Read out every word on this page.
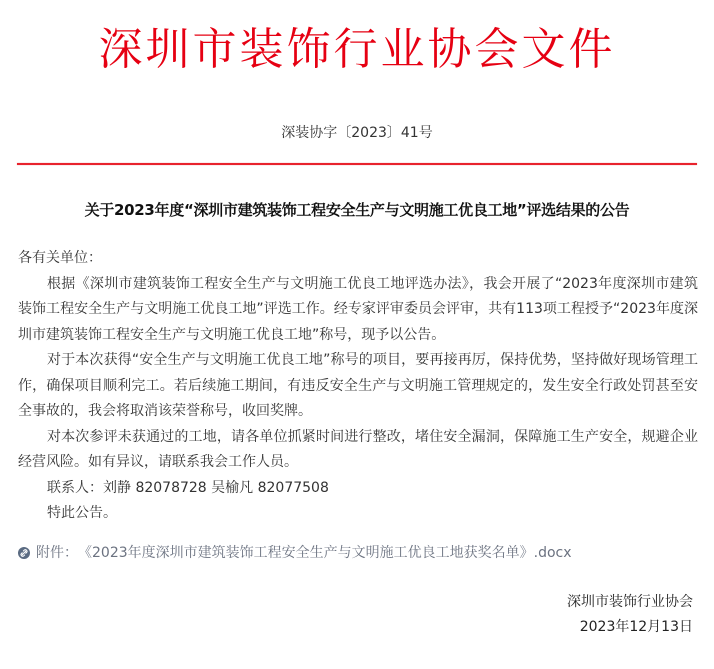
深圳市装饰行业协会文件
深装协字〔2023〕41号
关于2023年度“深圳市建筑装饰工程安全生产与文明施工优良工地”评选结果的公告

各有关单位：

根据《深圳市建筑装饰工程安全生产与文明施工优良工地评选办法》，我会开展了“2023年度深圳市建筑装饰工程安全生产与文明施工优良工地”评选工作。经专家评审委员会评审，共有113项工程授予“2023年度深圳市建筑装饰工程安全生产与文明施工优良工地”称号，现予以公告。

对于本次获得“安全生产与文明施工优良工地”称号的项目，要再接再厉，保持优势，坚持做好现场管理工作，确保项目顺利完工。若后续施工期间，有违反安全生产与文明施工管理规定的，发生安全行政处罚甚至安全事故的，我会将取消该荣誉称号，收回奖牌。

对本次参评未获通过的工地，请各单位抓紧时间进行整改，堵住安全漏洞，保障施工生产安全，规避企业经营风险。如有异议，请联系我会工作人员。

联系人：刘静 82078728 吴榆凡 82077508

特此公告。

附件： 《2023年度深圳市建筑装饰工程安全生产与文明施工优良工地获奖名单》.docx
深圳市装饰行业协会
2023年12月13日
